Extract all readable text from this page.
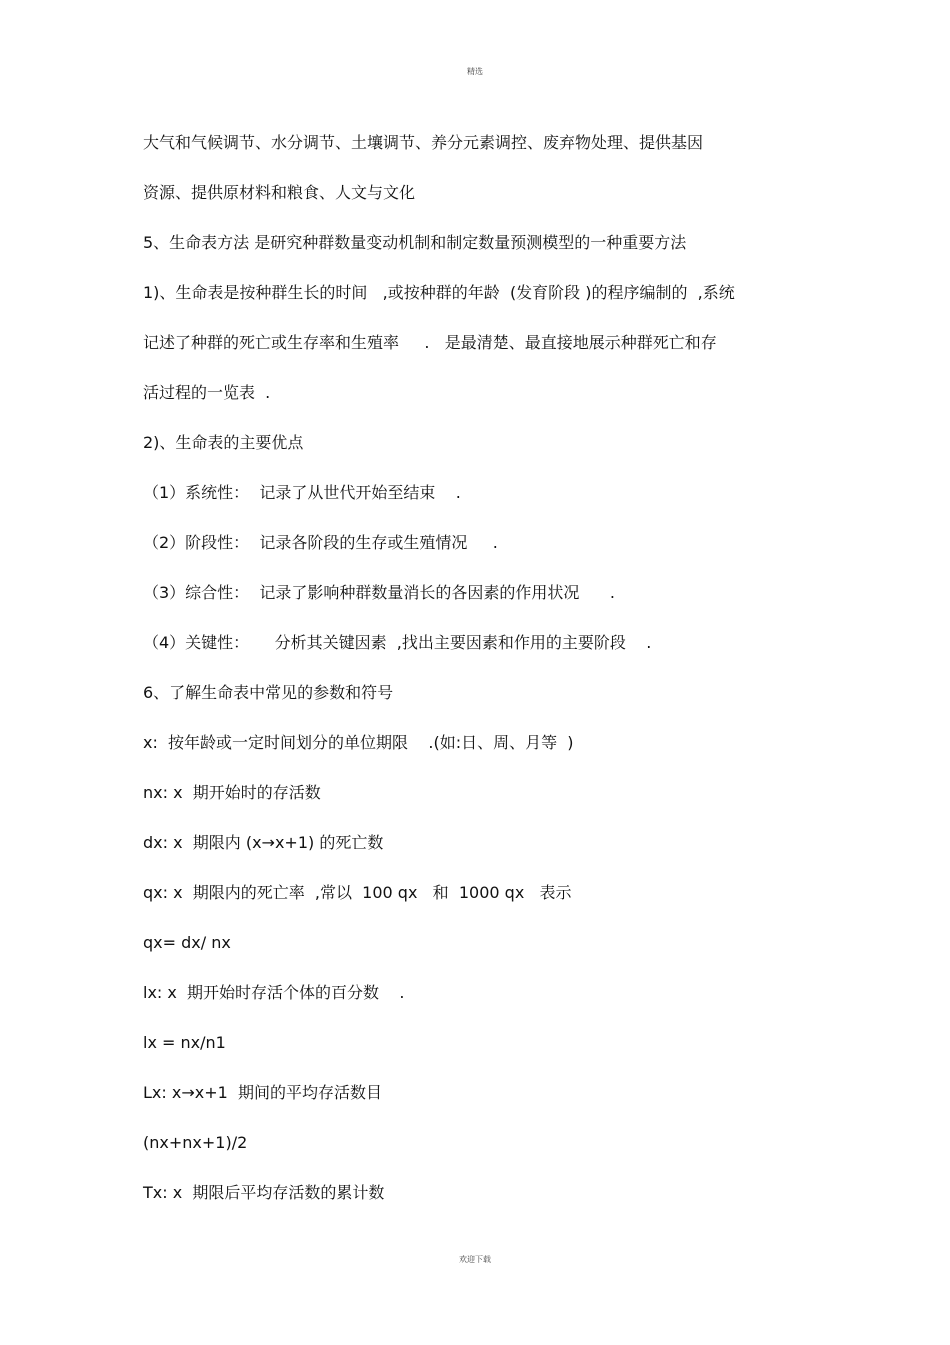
精选
大气和气候调节、水分调节、土壤调节、养分元素调控、废弃物处理、提供基因
资源、提供原材料和粮食、人文与文化
5、生命表方法 是研究种群数量变动机制和制定数量预测模型的一种重要方法
1)、生命表是按种群生长的时间   ,或按种群的年龄  (发育阶段 )的程序编制的  ,系统
记述了种群的死亡或生存率和生殖率     .   是最清楚、最直接地展示种群死亡和存
活过程的一览表  .
2)、生命表的主要优点
（1）系统性：  记录了从世代开始至结束    .
（2）阶段性：  记录各阶段的生存或生殖情况     .
（3）综合性：  记录了影响种群数量消长的各因素的作用状况      .
（4）关键性：     分析其关键因素  ,找出主要因素和作用的主要阶段    .
6、了解生命表中常见的参数和符号
x:  按年龄或一定时间划分的单位期限    .(如:日、周、月等  )
nx: x  期开始时的存活数
dx: x  期限内 (x→x+1) 的死亡数
qx: x  期限内的死亡率  ,常以  100 qx   和  1000 qx   表示
qx= dx/ nx
lx: x  期开始时存活个体的百分数    .
lx = nx/n1
Lx: x→x+1  期间的平均存活数目
(nx+nx+1)/2
Tx: x  期限后平均存活数的累计数
欢迎下载
